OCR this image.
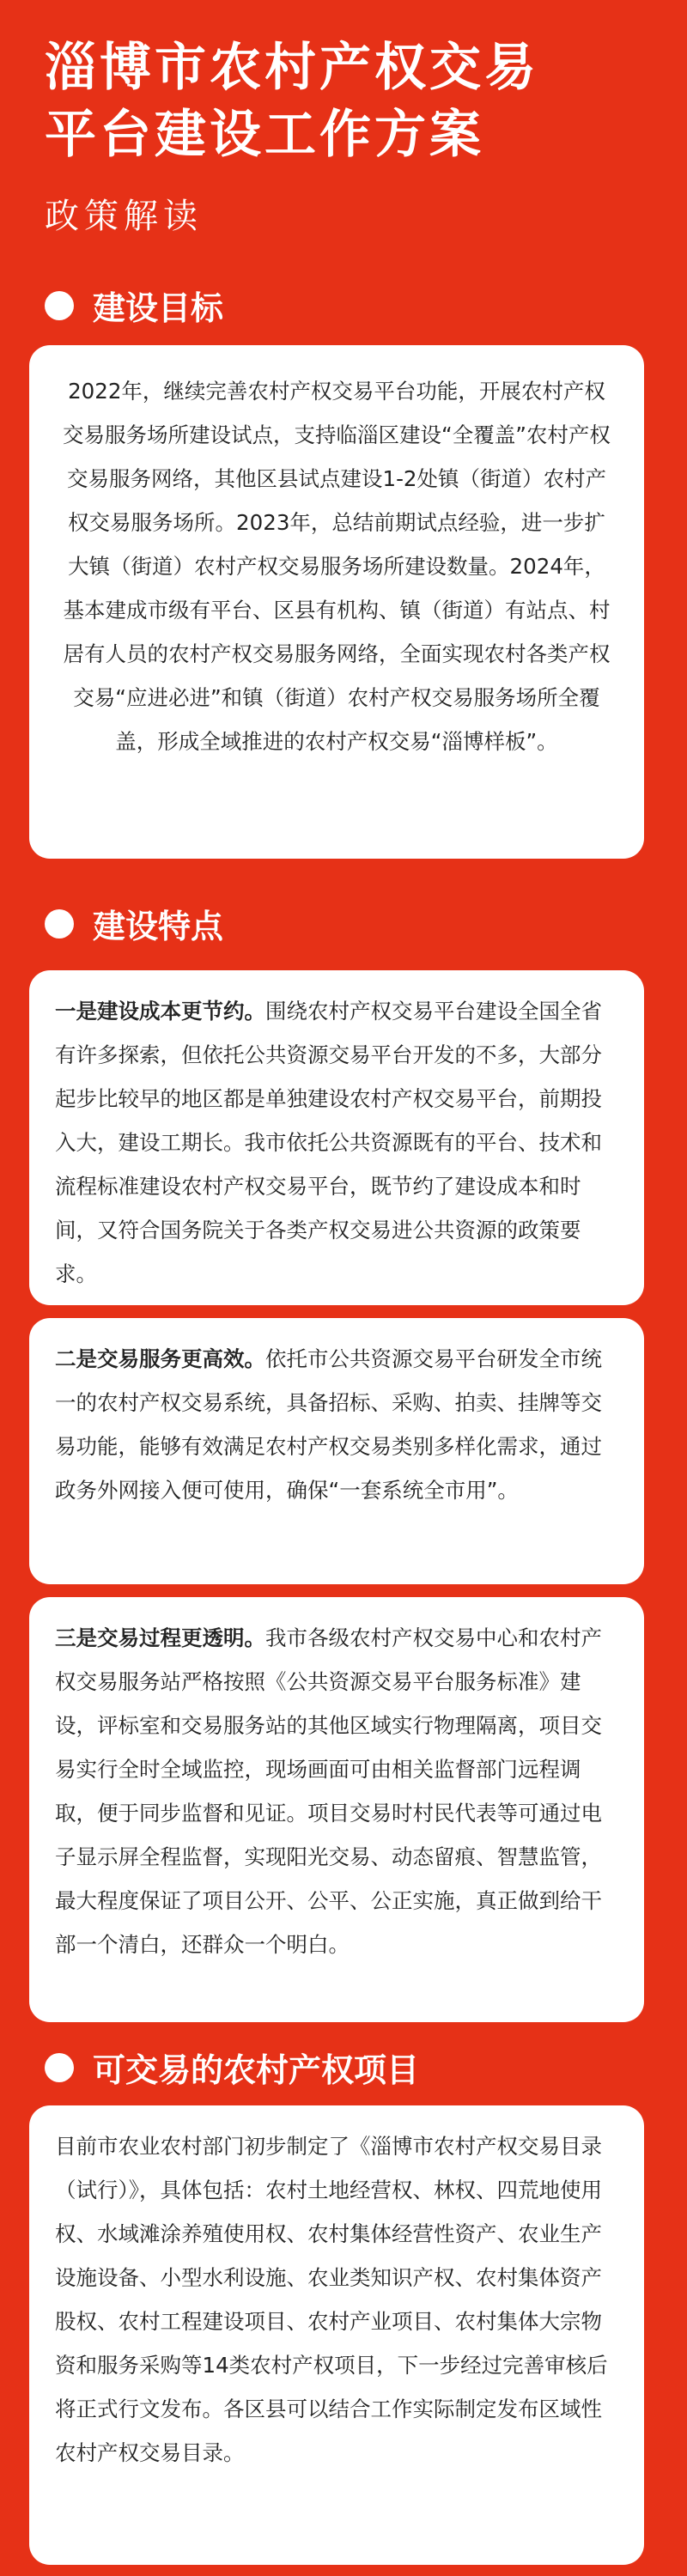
淄博市农村产权交易
平台建设工作方案
政策解读
建设目标

2022年，继续完善农村产权交易平台功能，开展农村产权交易服务场所建设试点，支持临淄区建设“全覆盖”农村产权交易服务网络，其他区县试点建设1-2处镇（街道）农村产权交易服务场所。2023年，总结前期试点经验，进一步扩大镇（街道）农村产权交易服务场所建设数量。2024年，基本建成市级有平台、区县有机构、镇（街道）有站点、村居有人员的农村产权交易服务网络，全面实现农村各类产权交易“应进必进”和镇（街道）农村产权交易服务场所全覆盖，形成全域推进的农村产权交易“淄博样板”。

建设特点

一是建设成本更节约。围绕农村产权交易平台建设全国全省有许多探索，但依托公共资源交易平台开发的不多，大部分起步比较早的地区都是单独建设农村产权交易平台，前期投入大，建设工期长。我市依托公共资源既有的平台、技术和流程标准建设农村产权交易平台，既节约了建设成本和时间，又符合国务院关于各类产权交易进公共资源的政策要求。

二是交易服务更高效。依托市公共资源交易平台研发全市统一的农村产权交易系统，具备招标、采购、拍卖、挂牌等交易功能，能够有效满足农村产权交易类别多样化需求，通过政务外网接入便可使用，确保“一套系统全市用”。

三是交易过程更透明。我市各级农村产权交易中心和农村产权交易服务站严格按照《公共资源交易平台服务标准》建设，评标室和交易服务站的其他区域实行物理隔离，项目交易实行全时全域监控，现场画面可由相关监督部门远程调取，便于同步监督和见证。项目交易时村民代表等可通过电子显示屏全程监督，实现阳光交易、动态留痕、智慧监管，最大程度保证了项目公开、公平、公正实施，真正做到给干部一个清白，还群众一个明白。

可交易的农村产权项目

目前市农业农村部门初步制定了《淄博市农村产权交易目录（试行）》，具体包括：农村土地经营权、林权、四荒地使用权、水域滩涂养殖使用权、农村集体经营性资产、农业生产设施设备、小型水利设施、农业类知识产权、农村集体资产股权、农村工程建设项目、农村产业项目、农村集体大宗物资和服务采购等14类农村产权项目，下一步经过完善审核后将正式行文发布。各区县可以结合工作实际制定发布区域性农村产权交易目录。
